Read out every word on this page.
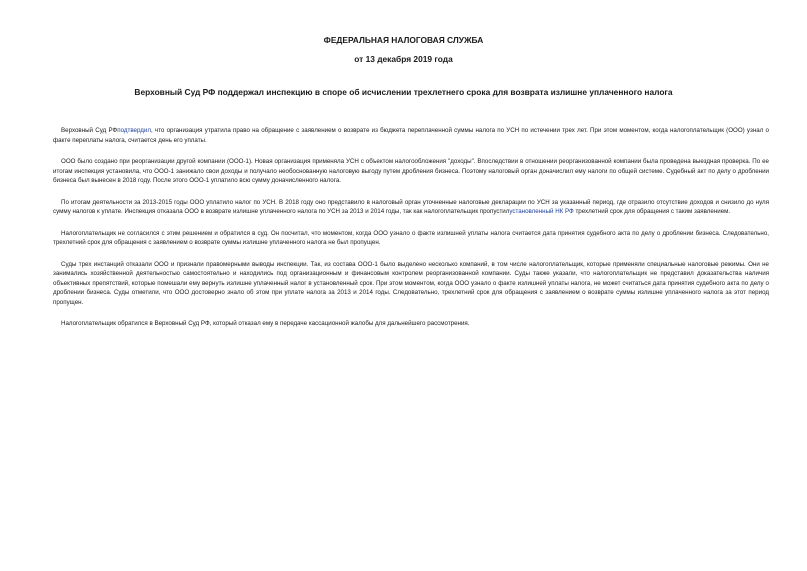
ФЕДЕРАЛЬНАЯ НАЛОГОВАЯ СЛУЖБА
от 13 декабря 2019 года
Верховный Суд РФ поддержал инспекцию в споре об исчислении трехлетнего срока для возврата излишне уплаченного налога

Верховный Суд РФподтвердил, что организация утратила право на обращение с заявлением о возврате из бюджета переплаченной суммы налога по УСН по истечении трех лет. При этом моментом, когда налогоплательщик (ООО) узнал о факте переплаты налога, считается день его уплаты.

ООО было создано при реорганизации другой компании (ООО-1). Новая организация применяла УСН с объектом налогообложения "доходы". Впоследствии в отношении реорганизованной компании была проведена выездная проверка. По ее итогам инспекция установила, что ООО-1 занижало свои доходы и получало необоснованную налоговую выгоду путем дробления бизнеса. Поэтому налоговый орган доначислил ему налоги по общей системе. Судебный акт по делу о дроблении бизнеса был вынесен в 2018 году. После этого ООО-1 уплатило всю сумму доначисленного налога.

По итогам деятельности за 2013-2015 годы ООО уплатило налог по УСН. В 2018 году оно представило в налоговый орган уточненные налоговые декларации по УСН за указанный период, где отразило отсутствие доходов и снизило до нуля сумму налогов к уплате. Инспекция отказала ООО в возврате излишне уплаченного налога по УСН за 2013 и 2014 годы, так как налогоплательщик пропустилустановленный НК РФ трехлетний срок для обращения с таким заявлением.

Налогоплательщик не согласился с этим решением и обратился в суд. Он посчитал, что моментом, когда ООО узнало о факте излишней уплаты налога считается дата принятия судебного акта по делу о дроблении бизнеса. Следовательно, трехлетний срок для обращения с заявлением о возврате суммы излишне уплаченного налога не был пропущен.

Суды трех инстанций отказали ООО и признали правомерными выводы инспекции. Так, из состава ООО-1 было выделено несколько компаний, в том числе налогоплательщик, которые применяли специальные налоговые режимы. Они не занимались хозяйственной деятельностью самостоятельно и находились под организационным и финансовым контролем реорганизованной компании. Суды также указали, что налогоплательщик не представил доказательства наличия объективных препятствий, которые помешали ему вернуть излишне уплаченный налог в установленный срок. При этом моментом, когда ООО узнало о факте излишней уплаты налога, не может считаться дата принятия судебного акта по делу о дроблении бизнеса. Суды отметили, что ООО достоверно знало об этом при уплате налога за 2013 и 2014 годы. Следовательно, трехлетний срок для обращения с заявлением о возврате суммы излишне уплаченного налога за этот период пропущен.

Налогоплательщик обратился в Верховный Суд РФ, который отказал ему в передаче кассационной жалобы для дальнейшего рассмотрения.
